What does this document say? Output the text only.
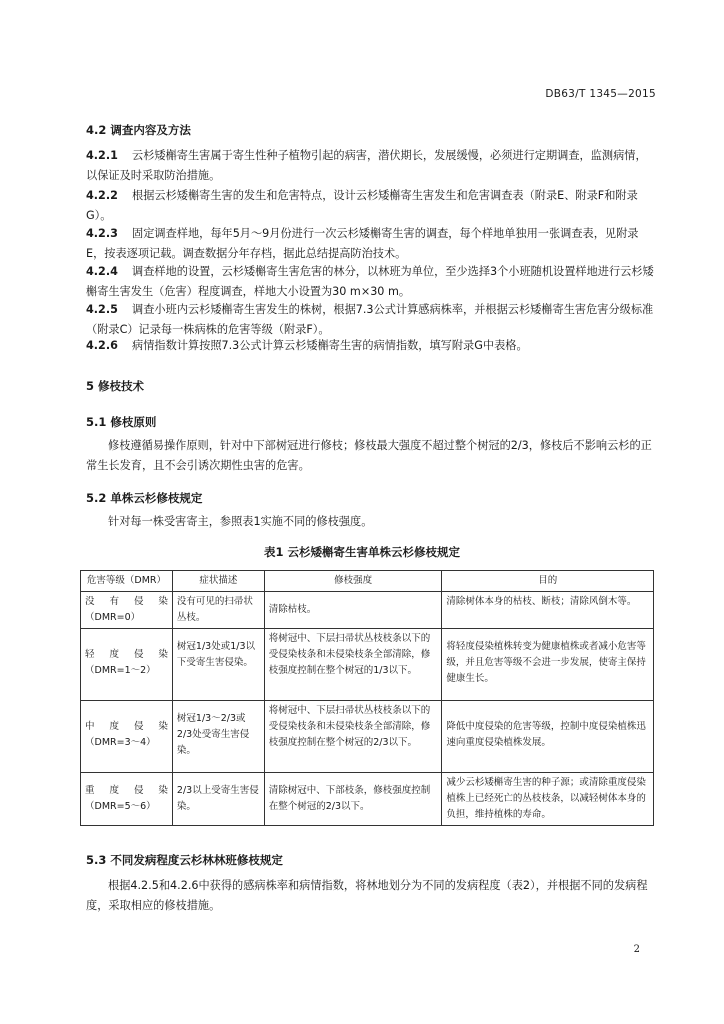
DB63/T 1345—2015
4.2 调查内容及方法
4.2.1 云杉矮槲寄生害属于寄生性种子植物引起的病害，潜伏期长，发展缓慢，必须进行定期调查，监测病情，以保证及时采取防治措施。
4.2.2 根据云杉矮槲寄生害的发生和危害特点，设计云杉矮槲寄生害发生和危害调查表（附录E、附录F和附录G）。
4.2.3 固定调查样地，每年5月～9月份进行一次云杉矮槲寄生害的调查，每个样地单独用一张调查表，见附录E，按表逐项记载。调查数据分年存档，据此总结提高防治技术。
4.2.4 调查样地的设置，云杉矮槲寄生害危害的林分，以林班为单位，至少选择3个小班随机设置样地进行云杉矮槲寄生害发生（危害）程度调查，样地大小设置为30 m×30 m。
4.2.5 调查小班内云杉矮槲寄生害发生的株树，根据7.3公式计算感病株率，并根据云杉矮槲寄生害危害分级标准（附录C）记录每一株病株的危害等级（附录F）。
4.2.6 病情指数计算按照7.3公式计算云杉矮槲寄生害的病情指数，填写附录G中表格。
5 修枝技术
5.1 修枝原则
修枝遵循易操作原则，针对中下部树冠进行修枝；修枝最大强度不超过整个树冠的2/3，修枝后不影响云杉的正常生长发育，且不会引诱次期性虫害的危害。
5.2 单株云杉修枝规定
针对每一株受害寄主，参照表1实施不同的修枝强度。
表1 云杉矮槲寄生害单株云杉修枝规定
危害等级（DMR）	症状描述	修枝强度	目的

没有侵染
（DMR=0）	没有可见的扫帚状丛枝。	清除枯枝。	清除树体本身的枯枝、断枝；清除风倒木等。

轻度侵染
（DMR=1～2）	树冠1/3处或1/3以下受寄生害侵染。	将树冠中、下层扫帚状丛枝枝条以下的受侵染枝条和未侵染枝条全部清除，修枝强度控制在整个树冠的1/3以下。	将轻度侵染植株转变为健康植株或者减小危害等级，并且危害等级不会进一步发展，使寄主保持健康生长。

中度侵染
（DMR=3～4）	树冠1/3～2/3或2/3处受寄生害侵染。	将树冠中、下层扫帚状丛枝枝条以下的受侵染枝条和未侵染枝条全部清除，修枝强度控制在整个树冠的2/3以下。	降低中度侵染的危害等级，控制中度侵染植株迅速向重度侵染植株发展。

重度侵染
（DMR=5～6）	2/3以上受寄生害侵染。	清除树冠中、下部枝条，修枝强度控制在整个树冠的2/3以下。	减少云杉矮槲寄生害的种子源；或清除重度侵染植株上已经死亡的丛枝枝条，以减轻树体本身的负担，维持植株的寿命。
5.3 不同发病程度云杉林林班修枝规定
根据4.2.5和4.2.6中获得的感病株率和病情指数，将林地划分为不同的发病程度（表2），并根据不同的发病程度，采取相应的修枝措施。
2
